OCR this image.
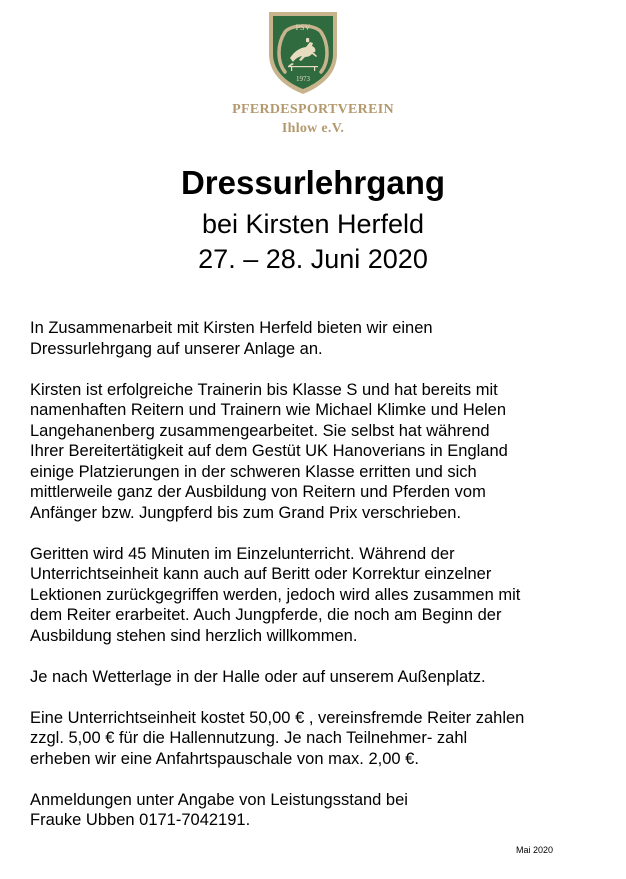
PSV
1973
PFERDESPORTVEREIN
Ihlow e.V.
Dressurlehrgang
bei Kirsten Herfeld
27. – 28. Juni 2020

In Zusammenarbeit mit Kirsten Herfeld bieten wir einen
Dressurlehrgang auf unserer Anlage an.

Kirsten ist erfolgreiche Trainerin bis Klasse S und hat bereits mit
namenhaften Reitern und Trainern wie Michael Klimke und Helen
Langehanenberg zusammengearbeitet. Sie selbst hat während
Ihrer Bereitertätigkeit auf dem Gestüt UK Hanoverians in England
einige Platzierungen in der schweren Klasse erritten und sich
mittlerweile ganz der Ausbildung von Reitern und Pferden vom
Anfänger bzw. Jungpferd bis zum Grand Prix verschrieben.

Geritten wird 45 Minuten im Einzelunterricht. Während der
Unterrichtseinheit kann auch auf Beritt oder Korrektur einzelner
Lektionen zurückgegriffen werden, jedoch wird alles zusammen mit
dem Reiter erarbeitet. Auch Jungpferde, die noch am Beginn der
Ausbildung stehen sind herzlich willkommen.

Je nach Wetterlage in der Halle oder auf unserem Außenplatz.

Eine Unterrichtseinheit kostet 50,00 € , vereinsfremde Reiter zahlen
zzgl. 5,00 € für die Hallennutzung. Je nach Teilnehmer- zahl
erheben wir eine Anfahrtspauschale von max. 2,00 €.

Anmeldungen unter Angabe von Leistungsstand bei
Frauke Ubben 0171-7042191.

Mai 2020
